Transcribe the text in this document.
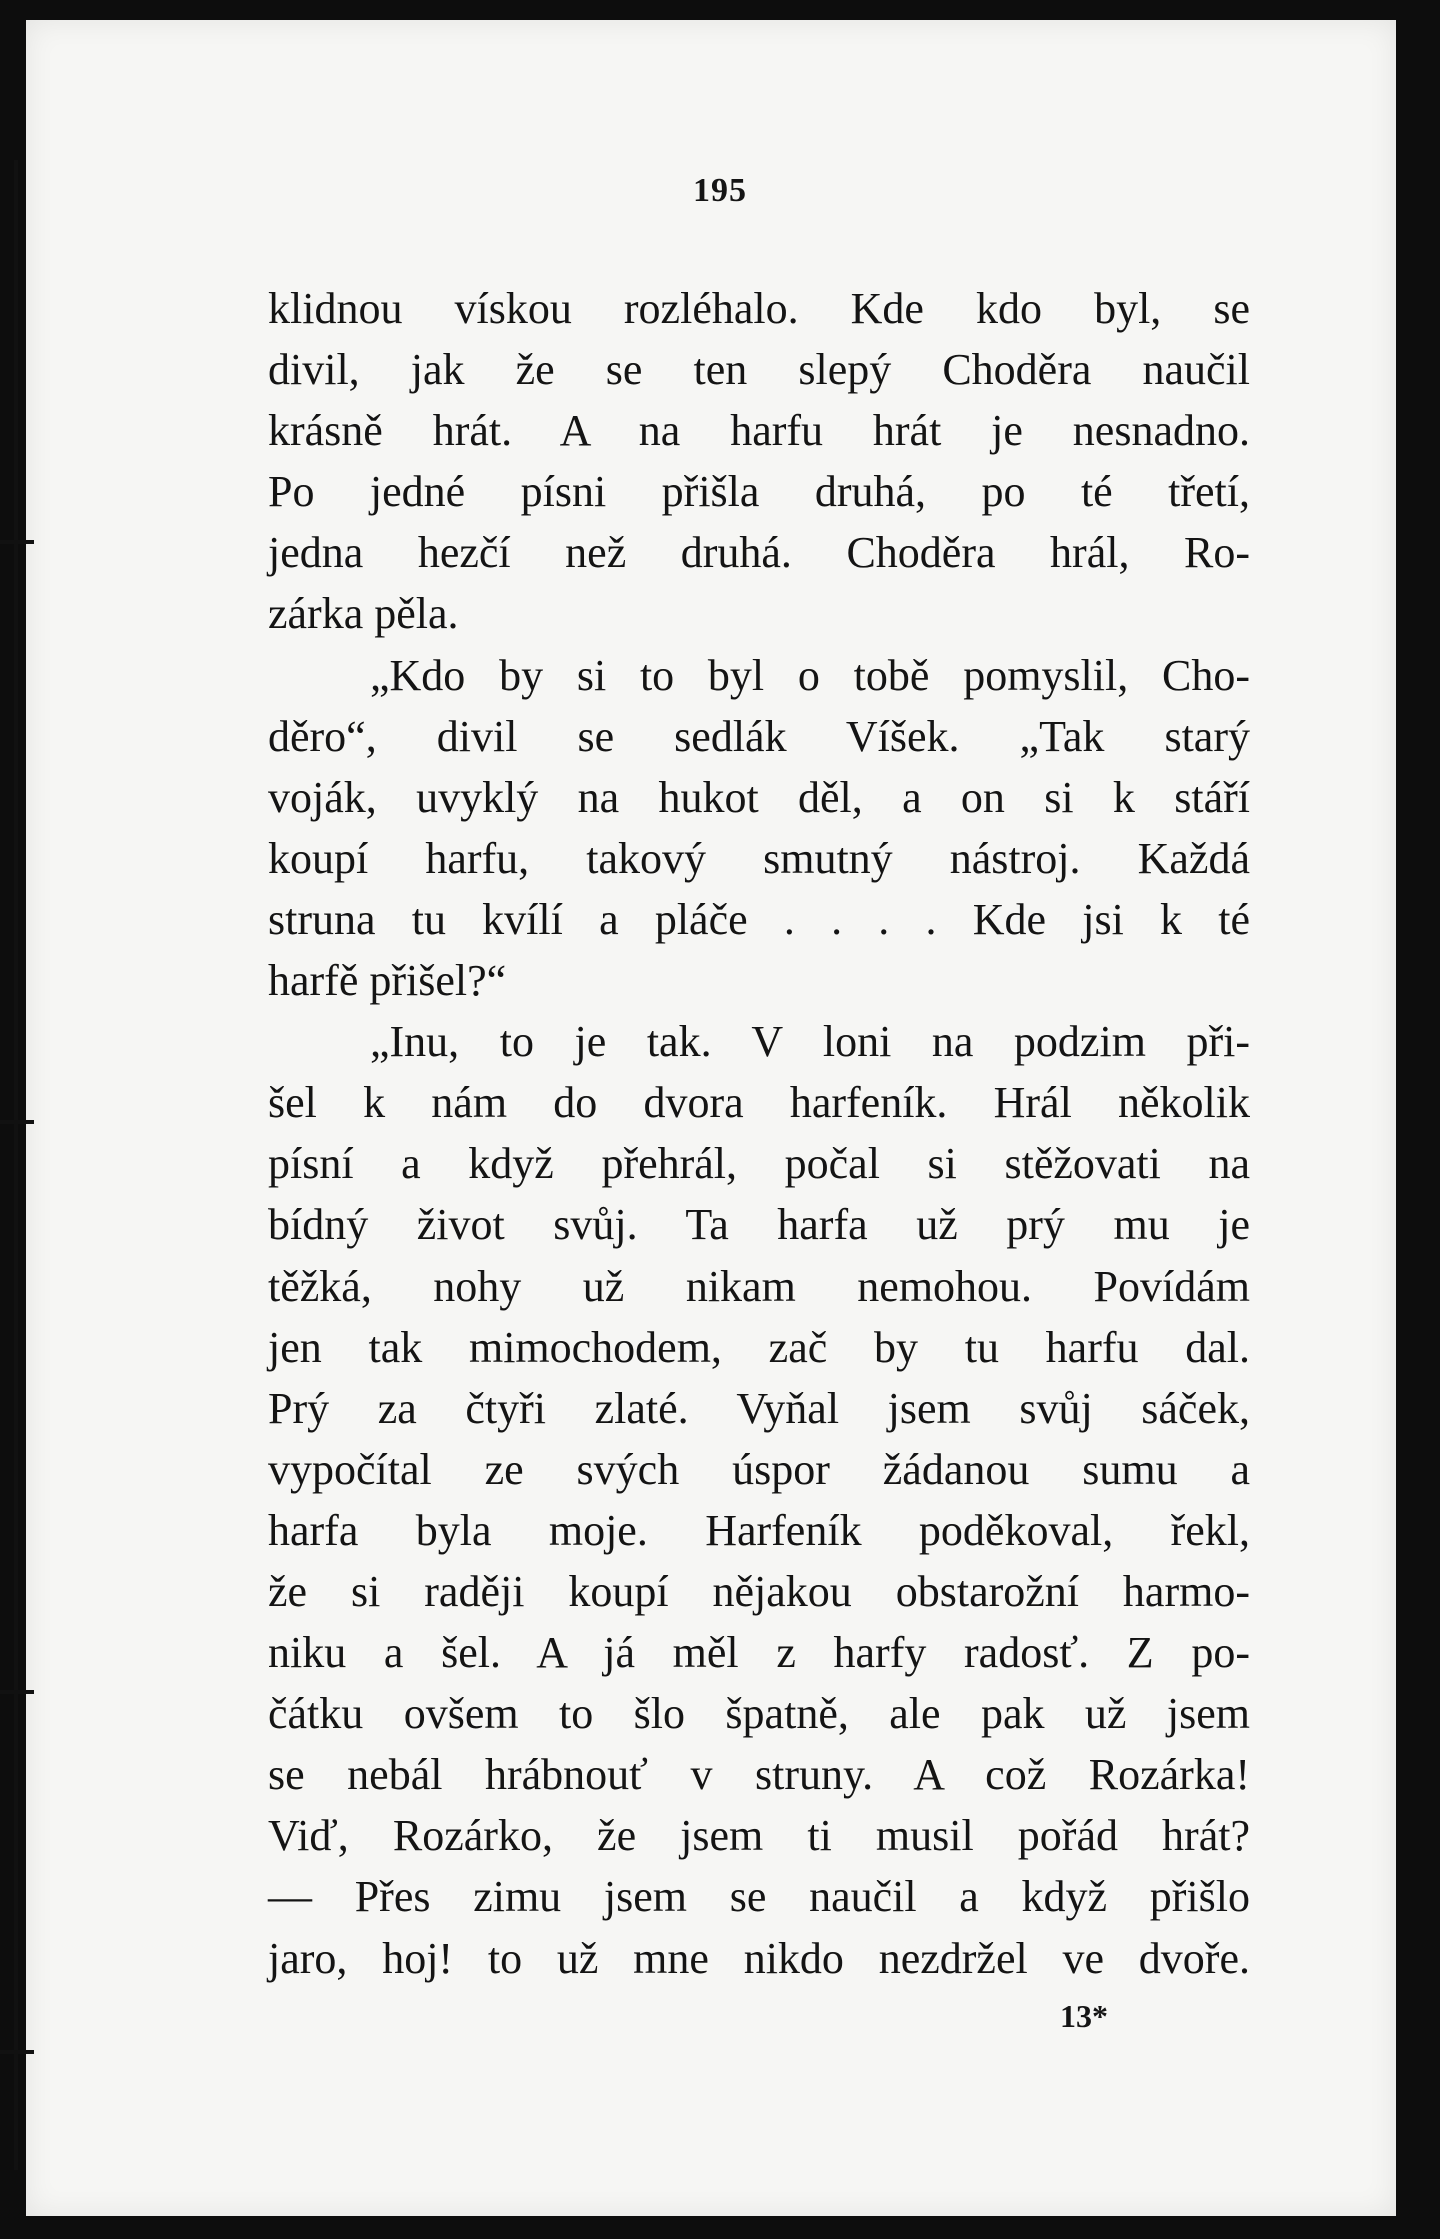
195
klidnou vískou rozléhalo. Kde kdo byl, se
divil, jak že se ten slepý Choděra naučil
krásně hrát. A na harfu hrát je nesnadno.
Po jedné písni přišla druhá, po té třetí,
jedna hezčí než druhá. Choděra hrál, Ro-
zárka pěla.
„Kdo by si to byl o tobě pomyslil, Cho-
děro“, divil se sedlák Víšek. „Tak starý
voják, uvyklý na hukot děl, a on si k stáří
koupí harfu, takový smutný nástroj. Každá
struna tu kvílí a pláče . . . . Kde jsi k té
harfě přišel?“
„Inu, to je tak. V loni na podzim při-
šel k nám do dvora harfeník. Hrál několik
písní a když přehrál, počal si stěžovati na
bídný život svůj. Ta harfa už prý mu je
těžká, nohy už nikam nemohou. Povídám
jen tak mimochodem, zač by tu harfu dal.
Prý za čtyři zlaté. Vyňal jsem svůj sáček,
vypočítal ze svých úspor žádanou sumu a
harfa byla moje. Harfeník poděkoval, řekl,
že si raději koupí nějakou obstarožní harmo-
niku a šel. A já měl z harfy radosť. Z po-
čátku ovšem to šlo špatně, ale pak už jsem
se nebál hrábnouť v struny. A což Rozárka!
Viď, Rozárko, že jsem ti musil pořád hrát?
— Přes zimu jsem se naučil a když přišlo
jaro, hoj! to už mne nikdo nezdržel ve dvoře.
13*
